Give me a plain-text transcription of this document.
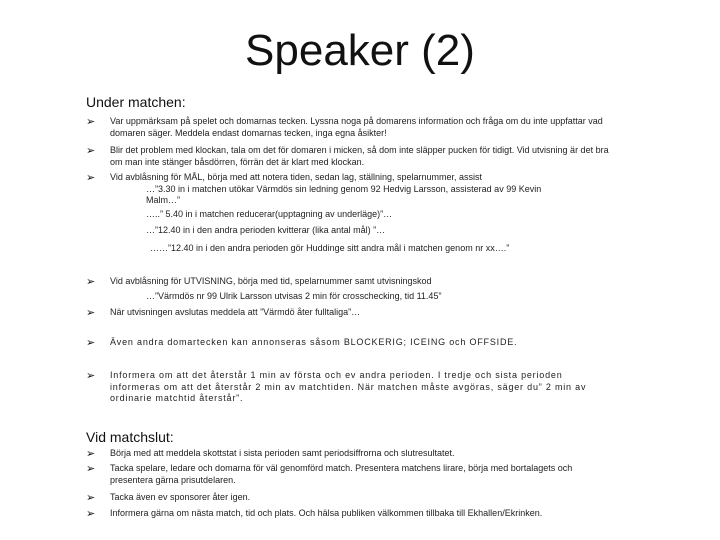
Speaker (2)
Under matchen:
➢ Var uppmärksam på spelet och domarnas tecken. Lyssna noga på domarens information och fråga om du inte uppfattar vad domaren säger. Meddela endast domarnas tecken, inga egna åsikter!
➢ Blir det problem med klockan, tala om det för domaren i micken, så dom inte släpper pucken för tidigt. Vid utvisning är det bra om man inte stänger båsdörren, förrän det är klart med klockan.
➢ Vid avblåsning för MÅL, börja med att notera tiden, sedan lag, ställning, spelarnummer, assist
…”3.30 in i matchen utökar Värmdös sin ledning genom 92 Hedvig Larsson, assisterad av 99 Kevin Malm…”
…..” 5.40 in i matchen reducerar(upptagning av underläge)”…
…”12.40 in i den andra perioden kvitterar (lika antal mål) ”…
……”12.40 in i den andra perioden gör Huddinge sitt andra mål i matchen genom nr xx….”
➢ Vid avblåsning för UTVISNING, börja med tid, spelarnummer samt utvisningskod
…”Värmdös nr 99 Ulrik Larsson utvisas 2 min för crosschecking, tid 11.45”
➢ När utvisningen avslutas meddela att ”Värmdö åter fulltaliga”…
➢ Även andra domartecken kan annonseras såsom BLOCKERIG; ICEING och OFFSIDE.
➢ Informera om att det återstår 1 min av första och ev andra perioden. I tredje och sista perioden informeras om att det återstår 2 min av matchtiden. När matchen måste avgöras, säger du” 2 min av ordinarie matchtid återstår”.
Vid matchslut:
➢ Börja med att meddela skottstat i sista perioden samt periodsiffrorna och slutresultatet.
➢ Tacka spelare, ledare och domarna för väl genomförd match. Presentera matchens lirare, börja med bortalagets och presentera gärna prisutdelaren.
➢ Tacka även ev sponsorer åter igen.
➢ Informera gärna om nästa match, tid och plats. Och hälsa publiken välkommen tillbaka till Ekhallen/Ekrinken.
